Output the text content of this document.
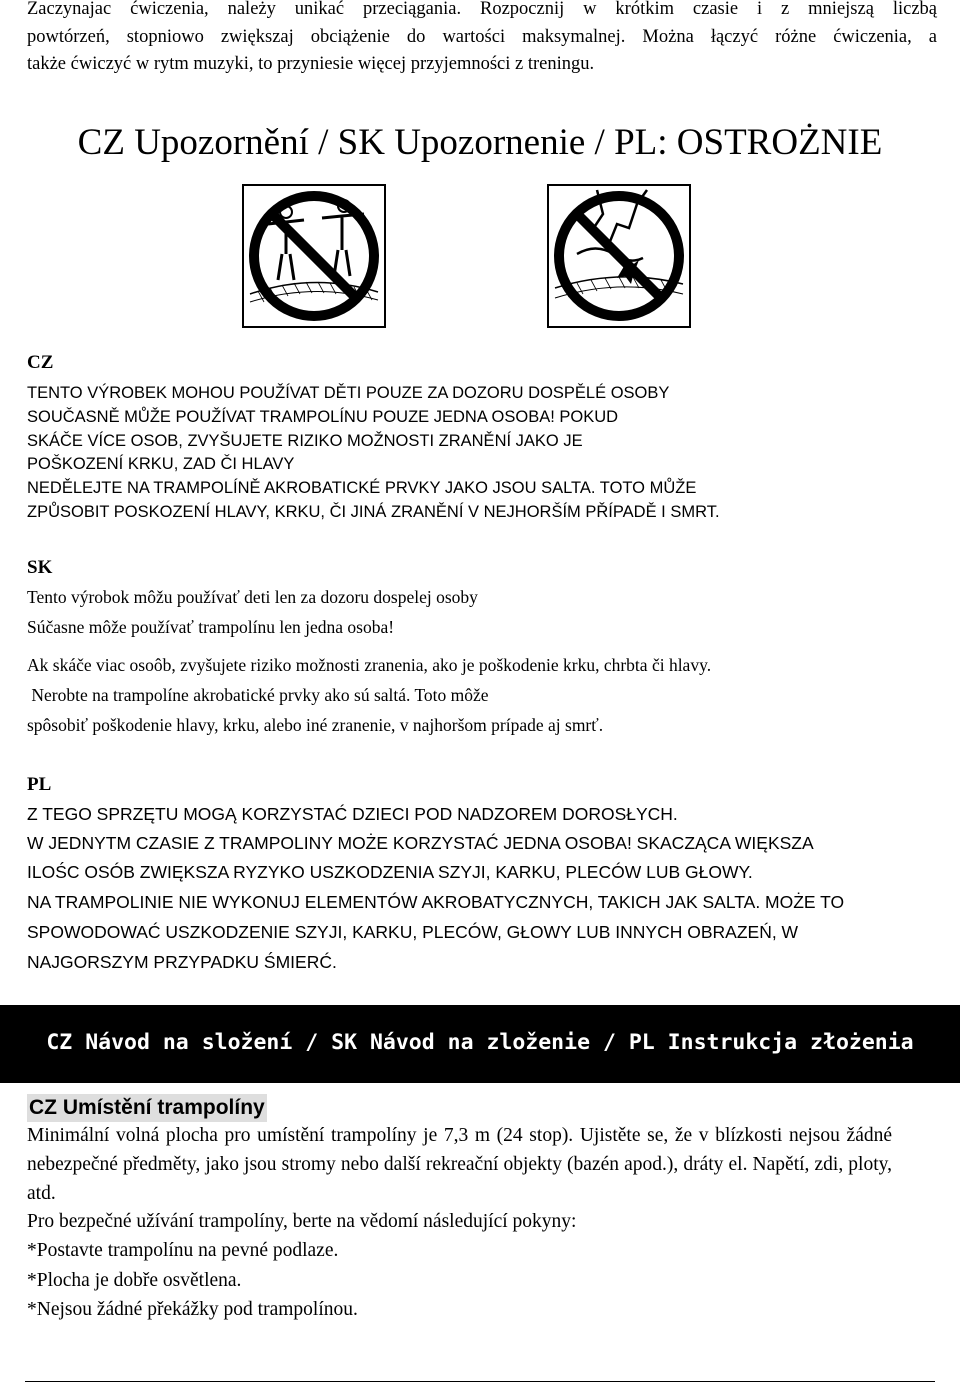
Zaczynajac ćwiczenia, należy unikać przeciągania. Rozpocznij w krótkim czasie i z mniejszą liczbą
powtórzeń, stopniowo zwiększaj obciążenie do wartości maksymalnej. Można łączyć różne ćwiczenia, a
także ćwiczyć w rytm muzyki, to przyniesie więcej przyjemności z treningu.
CZ Upozornění / SK Upozornenie / PL: OSTROŻNIE
CZ
TENTO VÝROBEK MOHOU POUŽÍVAT DĚTI POUZE ZA DOZORU DOSPĚLÉ OSOBY
SOUČASNĚ MŮŽE POUŽÍVAT TRAMPOLÍNU POUZE JEDNA OSOBA! POKUD
SKÁČE VÍCE OSOB, ZVYŠUJETE RIZIKO MOŽNOSTI ZRANĚNÍ JAKO JE
POŠKOZENÍ KRKU, ZAD ČI HLAVY
NEDĚLEJTE NA TRAMPOLÍNĚ AKROBATICKÉ PRVKY JAKO JSOU SALTA. TOTO MŮŽE
ZPŮSOBIT POSKOZENÍ HLAVY, KRKU, ČI JINÁ ZRANĚNÍ V NEJHORŠÍM PŘÍPADĚ I SMRT.
SK
Tento výrobok môžu používať deti len za dozoru dospelej osoby
Súčasne môže používať trampolínu len jedna osoba!
Ak skáče viac osoôb, zvyšujete riziko možnosti zranenia, ako je poškodenie krku, chrbta či hlavy.
Nerobte na trampolíne akrobatické prvky ako sú saltá. Toto môže
spôsobiť poškodenie hlavy, krku, alebo iné zranenie, v najhoršom prípade aj smrť.
PL
Z TEGO SPRZĘTU MOGĄ KORZYSTAĆ DZIECI POD NADZOREM DOROSŁYCH.
W JEDNYTM CZASIE Z TRAMPOLINY MOŻE KORZYSTAĆ JEDNA OSOBA! SKACZĄCA WIĘKSZA
ILOŚC OSÓB ZWIĘKSZA RYZYKO USZKODZENIA SZYJI, KARKU, PLECÓW LUB GŁOWY.
NA TRAMPOLINIE NIE WYKONUJ ELEMENTÓW AKROBATYCZNYCH, TAKICH JAK SALTA. MOŻE TO
SPOWODOWAĆ USZKODZENIE SZYJI, KARKU, PLECÓW, GŁOWY LUB INNYCH OBRAZEŃ, W
NAJGORSZYM PRZYPADKU ŚMIERĆ.
CZ Návod na složení / SK Návod na zloženie / PL Instrukcja złożenia
CZ Umístění trampolíny
Minimální volná plocha pro umístění trampolíny je 7,3 m (24 stop). Ujistěte se, že v blízkosti nejsou žádné nebezpečné předměty, jako jsou stromy nebo další rekreační objekty (bazén apod.), dráty el. Napětí, zdi, ploty, atd.
Pro bezpečné užívání trampolíny, berte na vědomí následující pokyny:
*Postavte trampolínu na pevné podlaze.
*Plocha je dobře osvětlena.
*Nejsou žádné překážky pod trampolínou.
